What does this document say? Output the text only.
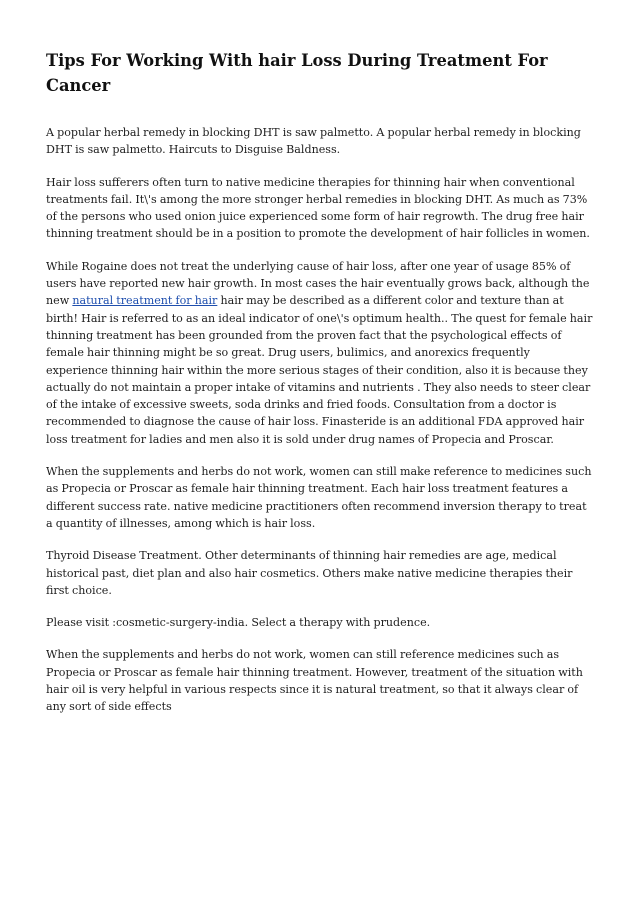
Tips For Working With hair Loss During Treatment For Cancer

A popular herbal remedy in blocking DHT is saw palmetto. A popular herbal remedy in blocking DHT is saw palmetto. Haircuts to Disguise Baldness.

Hair loss sufferers often turn to native medicine therapies for thinning hair when conventional treatments fail. It\'s among the more stronger herbal remedies in blocking DHT. As much as 73% of the persons who used onion juice experienced some form of hair regrowth. The drug free hair thinning treatment should be in a position to promote the development of hair follicles in women.

While Rogaine does not treat the underlying cause of hair loss, after one year of usage 85% of users have reported new hair growth. In most cases the hair eventually grows back, although the new natural treatment for hair hair may be described as a different color and texture than at birth! Hair is referred to as an ideal indicator of one\'s optimum health.. The quest for female hair thinning treatment has been grounded from the proven fact that the psychological effects of female hair thinning might be so great. Drug users, bulimics, and anorexics frequently experience thinning hair within the more serious stages of their condition, also it is because they actually do not maintain a proper intake of vitamins and nutrients . They also needs to steer clear of the intake of excessive sweets, soda drinks and fried foods. Consultation from a doctor is recommended to diagnose the cause of hair loss. Finasteride is an additional FDA approved hair loss treatment for ladies and men also it is sold under drug names of Propecia and Proscar.

When the supplements and herbs do not work, women can still make reference to medicines such as Propecia or Proscar as female hair thinning treatment. Each hair loss treatment features a different success rate. native medicine practitioners often recommend inversion therapy to treat a quantity of illnesses, among which is hair loss.

Thyroid Disease Treatment. Other determinants of thinning hair remedies are age, medical historical past, diet plan and also hair cosmetics. Others make native medicine therapies their first choice.

Please visit :cosmetic-surgery-india. Select a therapy with prudence.

When the supplements and herbs do not work, women can still reference medicines such as Propecia or Proscar as female hair thinning treatment. However, treatment of the situation with hair oil is very helpful in various respects since it is natural treatment, so that it always clear of any sort of side effects
